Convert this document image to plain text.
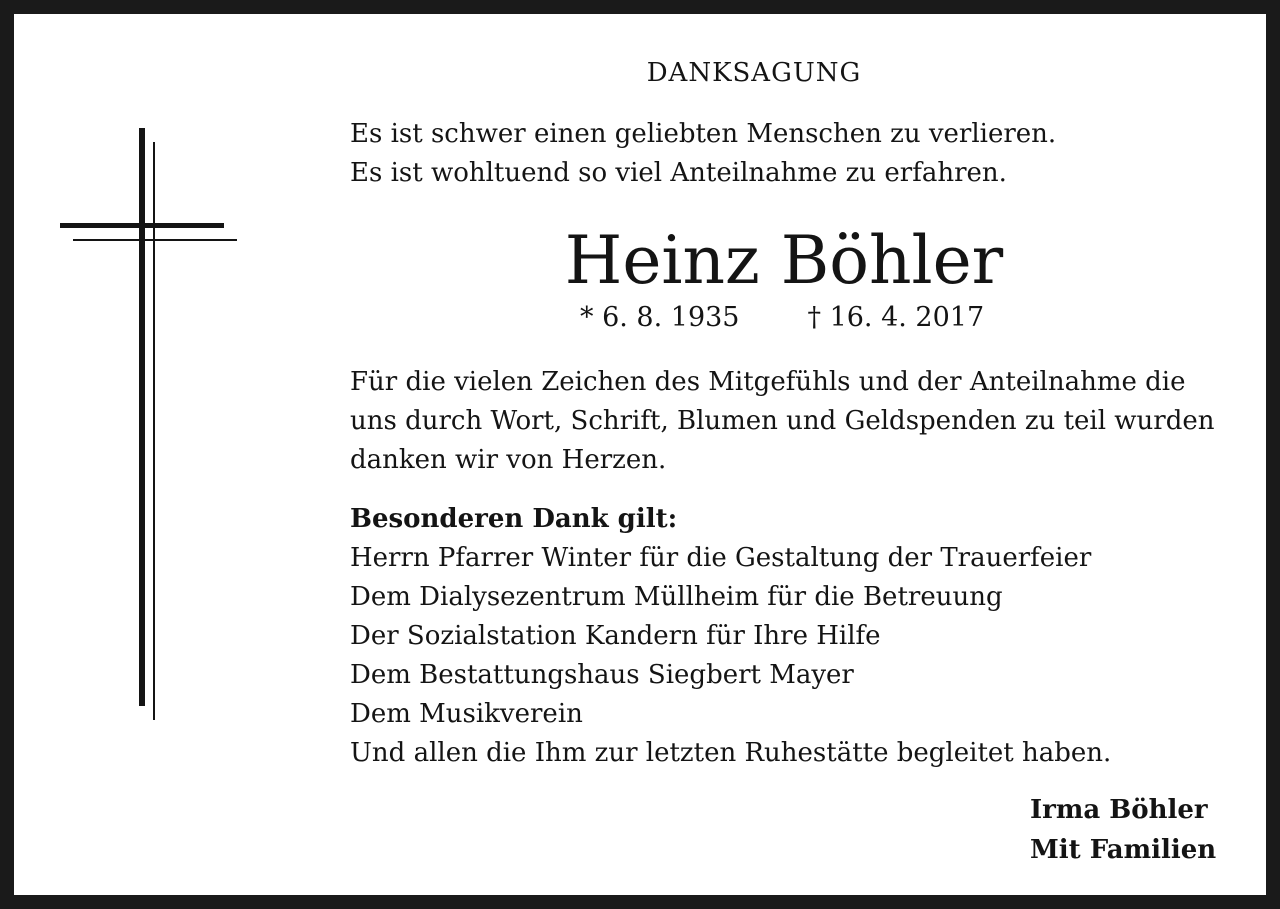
DANKSAGUNG
Es ist schwer einen geliebten Menschen zu verlieren.
Es ist wohltuend so viel Anteilnahme zu erfahren.
Heinz Böhler
* 6. 8. 1935	† 16. 4. 2017
Für die vielen Zeichen des Mitgefühls und der Anteilnahme die
uns durch Wort, Schrift, Blumen und Geldspenden zu teil wurden
danken wir von Herzen.
Besonderen Dank gilt:
Herrn Pfarrer Winter für die Gestaltung der Trauerfeier
Dem Dialysezentrum Müllheim für die Betreuung
Der Sozialstation Kandern für Ihre Hilfe
Dem Bestattungshaus Siegbert Mayer
Dem Musikverein
Und allen die Ihm zur letzten Ruhestätte begleitet haben.
Irma Böhler
Mit Familien
